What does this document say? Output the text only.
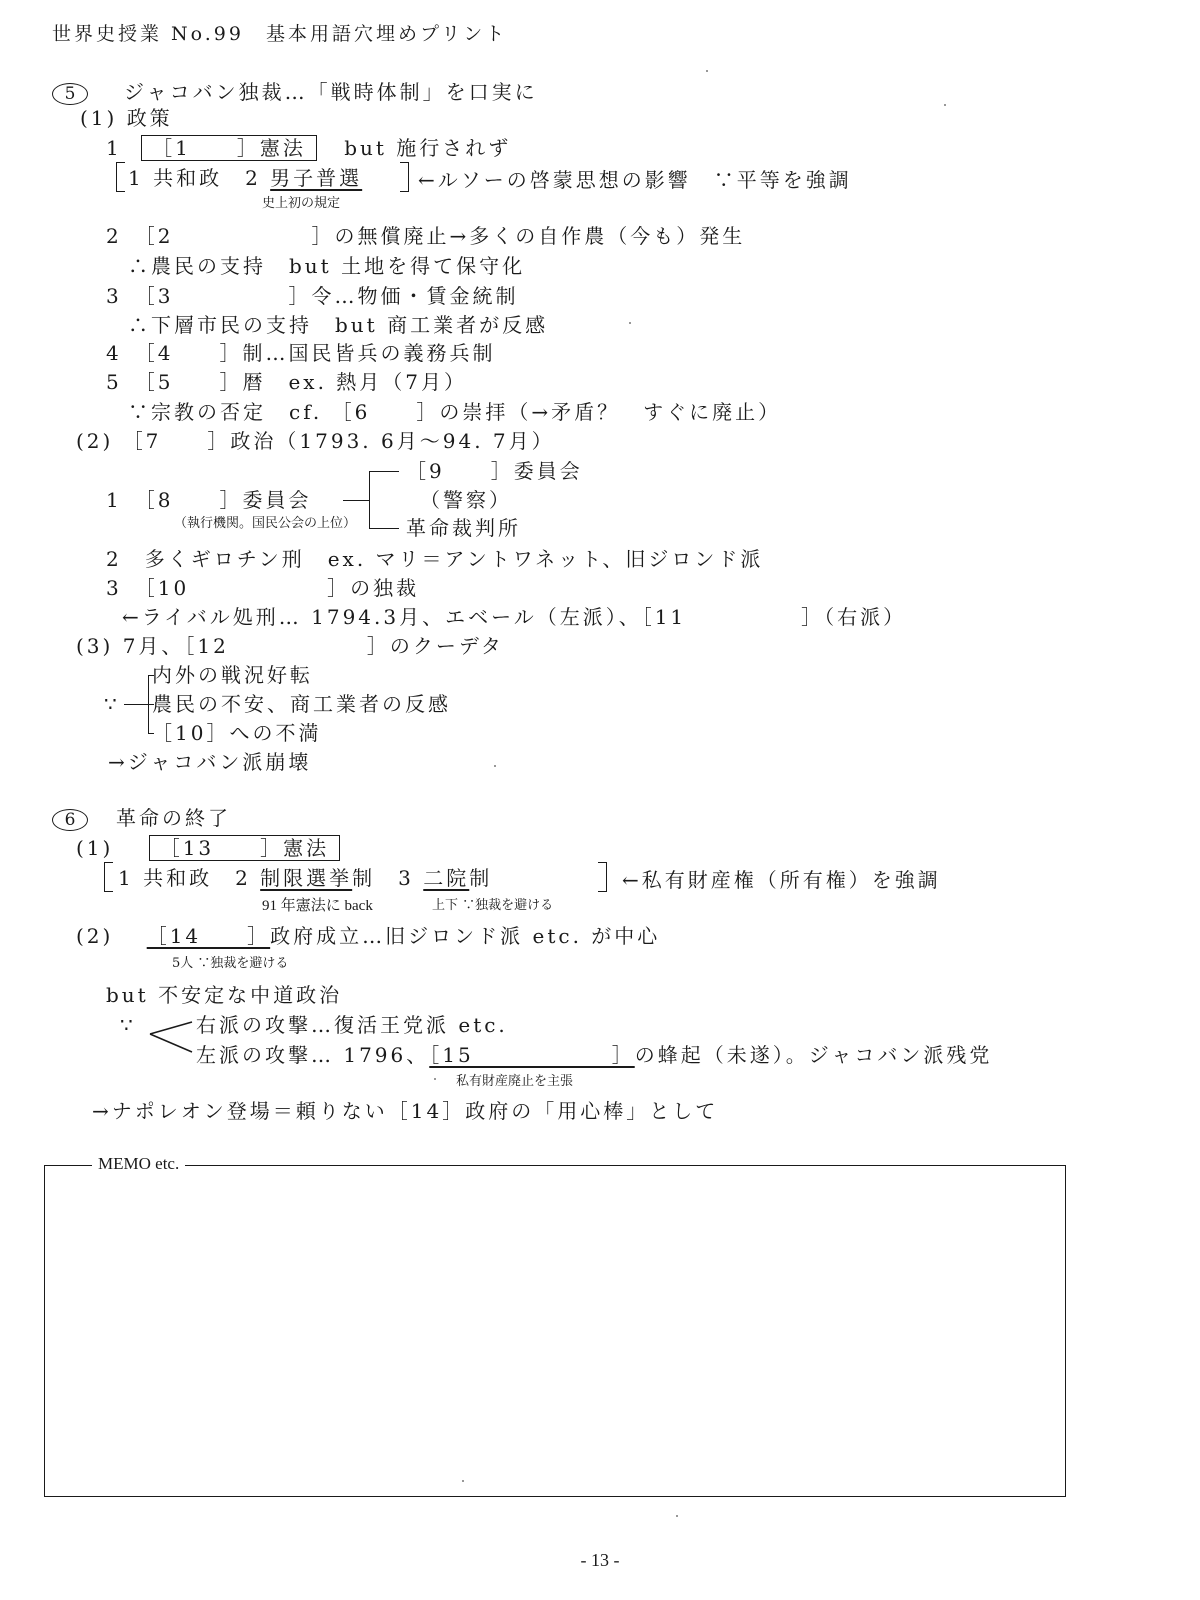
世界史授業 No.99　基本用語穴埋めプリント
5 ジャコバン独裁…「戦時体制」を口実に
(1) 政策
1 ［1　　］憲法 but 施行されず
1 共和政　2 男子普選	←ルソーの啓蒙思想の影響　∵平等を強調
史上初の規定
2　［2　　　　　　］の無償廃止→多くの自作農（今も）発生
∴農民の支持　but 土地を得て保守化
3　［3　　　　　］令…物価・賃金統制
∴下層市民の支持　but 商工業者が反感
4　［4　　］制…国民皆兵の義務兵制
5　［5　　］暦　ex. 熱月（7月）
∵宗教の否定　cf. ［6　　］の崇拝（→矛盾？　すぐに廃止）
(2) ［7　　］政治（1793. 6月～94. 7月）
［9　　］委員会
1　［8　　］委員会	（警察）
（執行機関。国民公会の上位） 革命裁判所
2　多くギロチン刑　ex. マリ＝アントワネット、旧ジロンド派
3　［10　　　　　　］の独裁
←ライバル処刑… 1794.3月、エベール（左派）、［11　　　　　］（右派）
(3) 7月、［12　　　　　　］のクーデタ
内外の戦況好転
∵ 農民の不安、商工業者の反感
［10］への不満
→ジャコバン派崩壊
6 革命の終了
(1) ［13　　］憲法
1 共和政　2 制限選挙制　3 二院制	←私有財産権（所有権）を強調
91 年憲法に back	上下 ∵独裁を避ける
(2) ［14　　］政府成立…旧ジロンド派 etc. が中心
5人 ∵独裁を避ける
but 不安定な中道政治
∵	右派の攻撃…復活王党派 etc.
左派の攻撃… 1796、［15　　　　　　］の蜂起（未遂）。ジャコバン派残党
私有財産廃止を主張
→ナポレオン登場＝頼りない［14］政府の「用心棒」として
MEMO etc.
- 13 -
